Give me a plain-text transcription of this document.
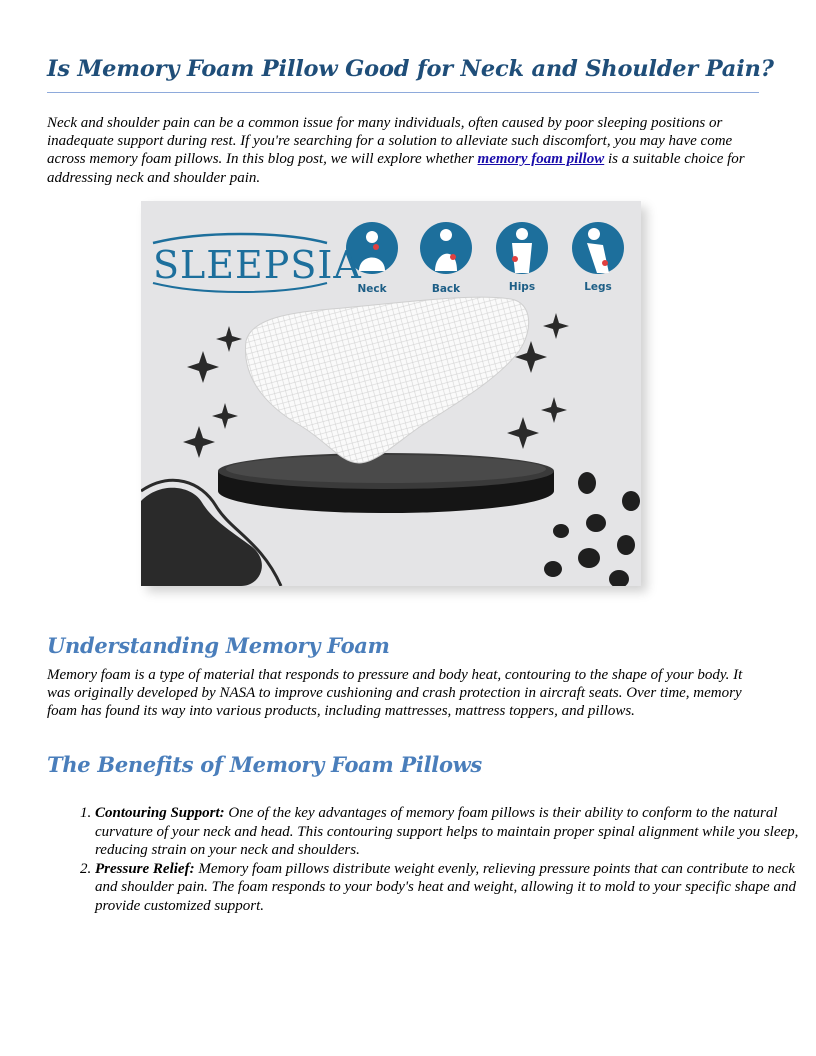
Is Memory Foam Pillow Good for Neck and Shoulder Pain?

Neck and shoulder pain can be a common issue for many individuals, often caused by poor sleeping positions or inadequate support during rest. If you're searching for a solution to alleviate such discomfort, you may have come across memory foam pillows. In this blog post, we will explore whether memory foam pillow is a suitable choice for addressing neck and shoulder pain.

Understanding Memory Foam

Memory foam is a type of material that responds to pressure and body heat, contouring to the shape of your body. It was originally developed by NASA to improve cushioning and crash protection in aircraft seats. Over time, memory foam has found its way into various products, including mattresses, mattress toppers, and pillows.

The Benefits of Memory Foam Pillows
1. Contouring Support: One of the key advantages of memory foam pillows is their ability to conform to the natural curvature of your neck and head. This contouring support helps to maintain proper spinal alignment while you sleep, reducing strain on your neck and shoulders.
2. Pressure Relief: Memory foam pillows distribute weight evenly, relieving pressure points that can contribute to neck and shoulder pain. The foam responds to your body's heat and weight, allowing it to mold to your specific shape and provide customized support.
SLEEPSIA
Neck	Back	Hips	Legs
